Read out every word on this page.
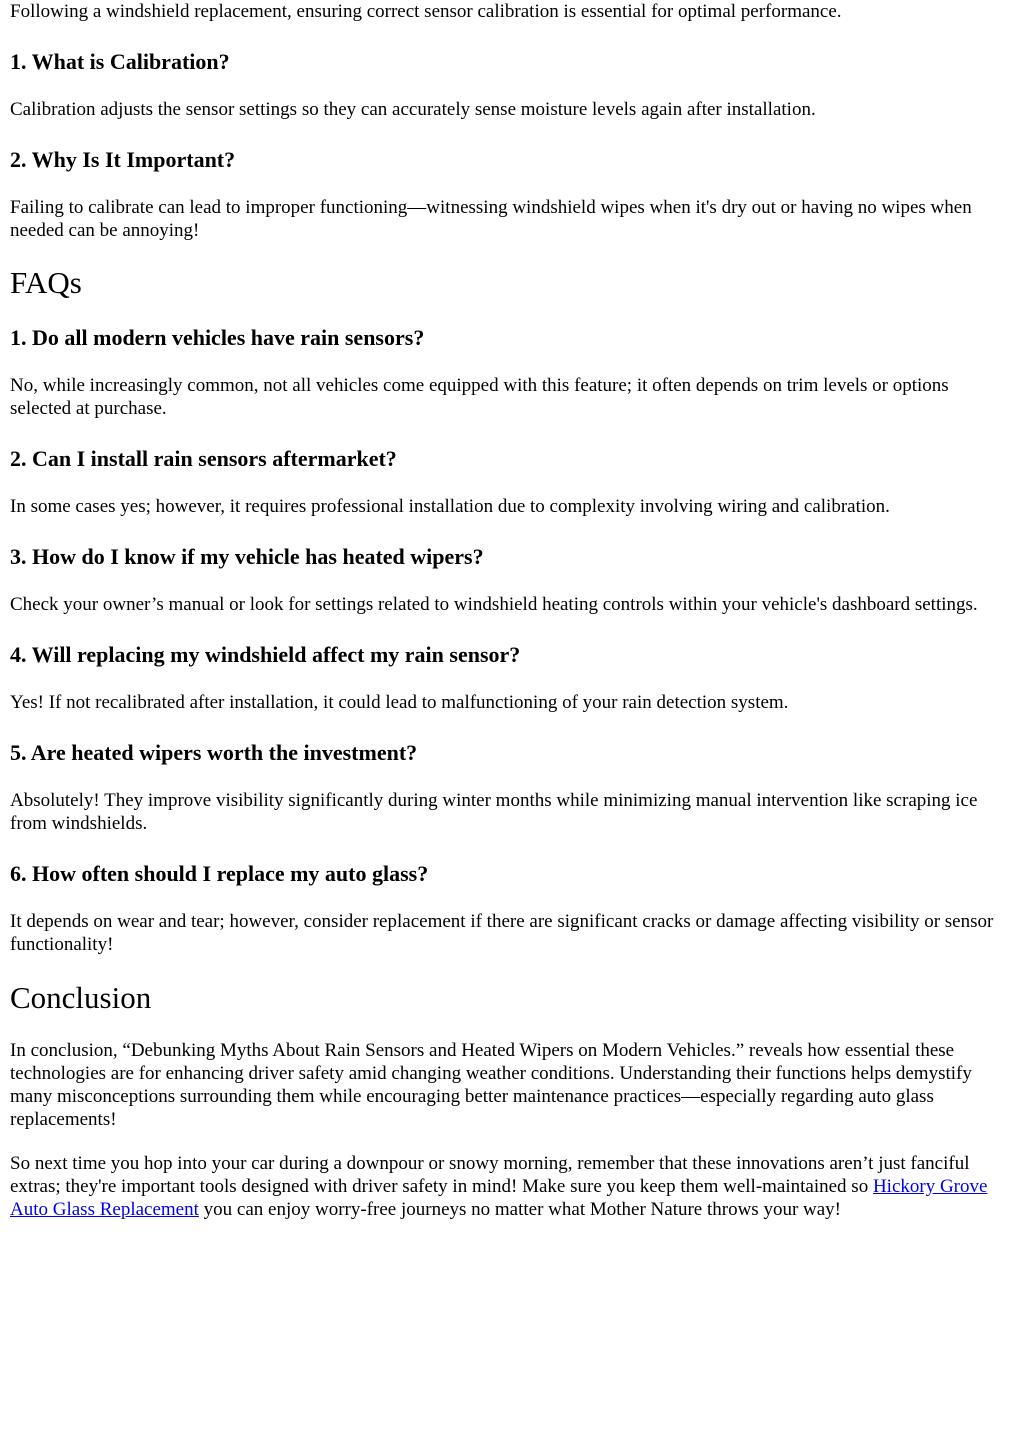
Following a windshield replacement, ensuring correct sensor calibration is essential for optimal performance.

1. What is Calibration?

Calibration adjusts the sensor settings so they can accurately sense moisture levels again after installation.

2. Why Is It Important?

Failing to calibrate can lead to improper functioning—witnessing windshield wipes when it's dry out or having no wipes when needed can be annoying!

FAQs
1. Do all modern vehicles have rain sensors?

No, while increasingly common, not all vehicles come equipped with this feature; it often depends on trim levels or options selected at purchase.

2. Can I install rain sensors aftermarket?

In some cases yes; however, it requires professional installation due to complexity involving wiring and calibration.

3. How do I know if my vehicle has heated wipers?

Check your owner’s manual or look for settings related to windshield heating controls within your vehicle's dashboard settings.

4. Will replacing my windshield affect my rain sensor?

Yes! If not recalibrated after installation, it could lead to malfunctioning of your rain detection system.

5. Are heated wipers worth the investment?

Absolutely! They improve visibility significantly during winter months while minimizing manual intervention like scraping ice from windshields.

6. How often should I replace my auto glass?

It depends on wear and tear; however, consider replacement if there are significant cracks or damage affecting visibility or sensor functionality!

Conclusion

In conclusion, “Debunking Myths About Rain Sensors and Heated Wipers on Modern Vehicles.” reveals how essential these technologies are for enhancing driver safety amid changing weather conditions. Understanding their functions helps demystify many misconceptions surrounding them while encouraging better maintenance practices—especially regarding auto glass replacements!

So next time you hop into your car during a downpour or snowy morning, remember that these innovations aren’t just fanciful extras; they're important tools designed with driver safety in mind! Make sure you keep them well-maintained so Hickory Grove Auto Glass Replacement you can enjoy worry-free journeys no matter what Mother Nature throws your way!
